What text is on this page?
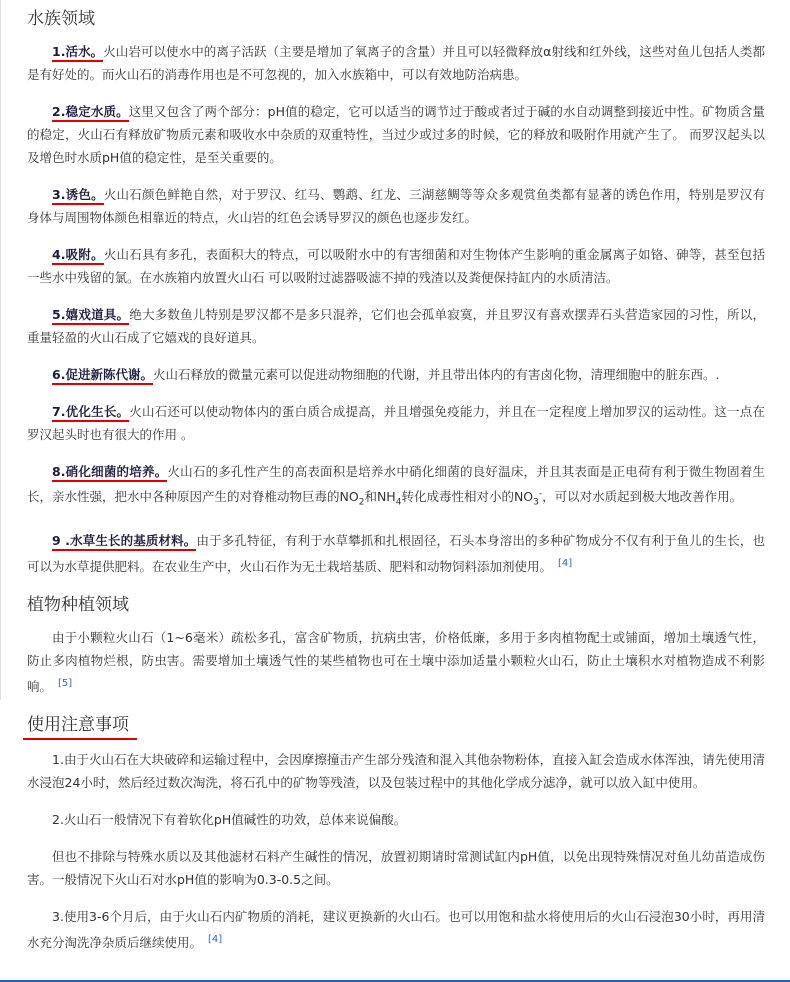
水族领域

1.活水。火山岩可以使水中的离子活跃（主要是增加了氧离子的含量）并且可以轻微释放α射线和红外线，这些对鱼儿包括人类都是有好处的。而火山石的消毒作用也是不可忽视的，加入水族箱中，可以有效地防治病患。

2.稳定水质。这里又包含了两个部分：pH值的稳定，它可以适当的调节过于酸或者过于碱的水自动调整到接近中性。矿物质含量的稳定，火山石有释放矿物质元素和吸收水中杂质的双重特性，当过少或过多的时候，它的释放和吸附作用就产生了。 而罗汉起头以及增色时水质pH值的稳定性，是至关重要的。

3.诱色。火山石颜色鲜艳自然，对于罗汉、红马、鹦鹉、红龙、三湖慈鲷等等众多观赏鱼类都有显著的诱色作用，特别是罗汉有身体与周围物体颜色相靠近的特点，火山岩的红色会诱导罗汉的颜色也逐步发红。

4.吸附。火山石具有多孔，表面积大的特点，可以吸附水中的有害细菌和对生物体产生影响的重金属离子如铬、砷等，甚至包括一些水中残留的氯。在水族箱内放置火山石 可以吸附过滤器吸滤不掉的残渣以及粪便保持缸内的水质清洁。

5.嬉戏道具。绝大多数鱼儿特别是罗汉都不是多只混养，它们也会孤单寂寞，并且罗汉有喜欢摆弄石头营造家园的习性，所以，重量轻盈的火山石成了它嬉戏的良好道具。

6.促进新陈代谢。火山石释放的微量元素可以促进动物细胞的代谢，并且带出体内的有害卤化物，清理细胞中的脏东西。.

7.优化生长。火山石还可以使动物体内的蛋白质合成提高，并且增强免疫能力，并且在一定程度上增加罗汉的运动性。这一点在罗汉起头时也有很大的作用 。

8.硝化细菌的培养。火山石的多孔性产生的高表面积是培养水中硝化细菌的良好温床，并且其表面是正电荷有利于微生物固着生长，亲水性强，把水中各种原因产生的对脊椎动物巨毒的$NO_2$和$NH_4$转化成毒性相对小的$NO_3^-$，可以对水质起到极大地改善作用。

9 .水草生长的基质材料。由于多孔特征，有利于水草攀抓和扎根固径，石头本身溶出的多种矿物成分不仅有利于鱼儿的生长，也可以为水草提供肥料。在农业生产中，火山石作为无土栽培基质、肥料和动物饲料添加剂使用。 [4]

植物种植领域

由于小颗粒火山石（1~6毫米）疏松多孔，富含矿物质，抗病虫害，价格低廉，多用于多肉植物配土或铺面，增加土壤透气性，防止多肉植物烂根，防虫害。需要增加土壤透气性的某些植物也可在土壤中添加适量小颗粒火山石，防止土壤积水对植物造成不利影响。 [5]

使用注意事项

1.由于火山石在大块破碎和运输过程中，会因摩擦撞击产生部分残渣和混入其他杂物粉体，直接入缸会造成水体浑浊，请先使用清水浸泡24小时，然后经过数次淘洗，将石孔中的矿物等残渣，以及包装过程中的其他化学成分滤净，就可以放入缸中使用。

2.火山石一般情况下有着软化pH值碱性的功效，总体来说偏酸。

但也不排除与特殊水质以及其他滤材石料产生碱性的情况，放置初期请时常测试缸内pH值，以免出现特殊情况对鱼儿幼苗造成伤害。一般情况下火山石对水pH值的影响为0.3-0.5之间。

3.使用3-6个月后，由于火山石内矿物质的消耗，建议更换新的火山石。也可以用饱和盐水将使用后的火山石浸泡30小时，再用清水充分淘洗净杂质后继续使用。 [4]
